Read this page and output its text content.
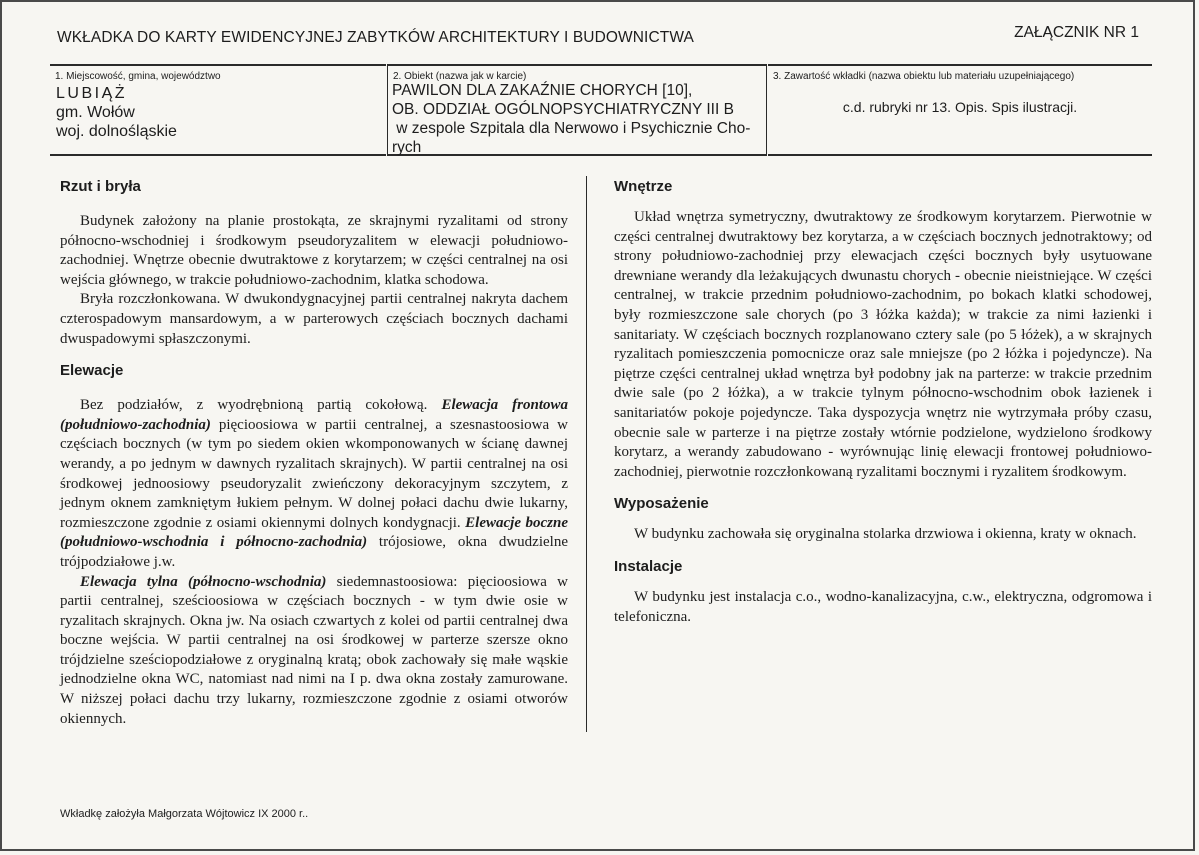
WKŁADKA DO KARTY EWIDENCYJNEJ ZABYTKÓW ARCHITEKTURY I BUDOWNICTWA	ZAŁĄCZNIK NR 1
1. Miejscowość, gmina, województwo
LUBIĄŻ
gm. Wołów
woj. dolnośląskie
2. Obiekt (nazwa jak w karcie)
PAWILON DLA ZAKAŹNIE CHORYCH [10],
OB. ODDZIAŁ OGÓLNOPSYCHIATRYCZNY III B
w zespole Szpitala dla Nerwowo i Psychicznie Cho-
rych
3. Zawartość wkładki (nazwa obiektu lub materiału uzupełniającego)
c.d. rubryki nr 13. Opis. Spis ilustracji.
Rzut i bryła

Budynek założony na planie prostokąta, ze skrajnymi ryzalitami od strony północno-wschodniej i środkowym pseudoryzalitem w elewacji południowo-zachodniej. Wnętrze obecnie dwutraktowe z korytarzem; w części centralnej na osi wejścia głównego, w trakcie południowo-zachodnim, klatka schodowa.

Bryła rozczłonkowana. W dwukondygnacyjnej partii centralnej nakryta dachem czterospadowym mansardowym, a w parterowych częściach bocznych dachami dwuspadowymi spłaszczonymi.

Elewacje

Bez podziałów, z wyodrębnioną partią cokołową. Elewacja frontowa (południowo-zachodnia) pięcioosiowa w partii centralnej, a szesnastoosiowa w częściach bocznych (w tym po siedem okien wkomponowanych w ścianę dawnej werandy, a po jednym w dawnych ryzalitach skrajnych). W partii centralnej na osi środkowej jednoosiowy pseudoryzalit zwieńczony dekoracyjnym szczytem, z jednym oknem zamkniętym łukiem pełnym. W dolnej połaci dachu dwie lukarny, rozmieszczone zgodnie z osiami okiennymi dolnych kondygnacji. Elewacje boczne (południowo-wschodnia i północno-zachodnia) trójosiowe, okna dwudzielne trójpodziałowe j.w.

Elewacja tylna (północno-wschodnia) siedemnastoosiowa: pięcioosiowa w partii centralnej, sześcioosiowa w częściach bocznych - w tym dwie osie w ryzalitach skrajnych. Okna jw. Na osiach czwartych z kolei od partii centralnej dwa boczne wejścia. W partii centralnej na osi środkowej w parterze szersze okno trójdzielne sześciopodziałowe z oryginalną kratą; obok zachowały się małe wąskie jednodzielne okna WC, natomiast nad nimi na I p. dwa okna zostały zamurowane. W niższej połaci dachu trzy lukarny, rozmieszczone zgodnie z osiami otworów okiennych.

Wnętrze

Układ wnętrza symetryczny, dwutraktowy ze środkowym korytarzem. Pierwotnie w części centralnej dwutraktowy bez korytarza, a w częściach bocznych jednotraktowy; od strony południowo-zachodniej przy elewacjach części bocznych były usytuowane drewniane werandy dla leżakujących dwunastu chorych - obecnie nieistniejące. W części centralnej, w trakcie przednim południowo-zachodnim, po bokach klatki schodowej, były rozmieszczone sale chorych (po 3 łóżka każda); w trakcie za nimi łazienki i sanitariaty. W częściach bocznych rozplanowano cztery sale (po 5 łóżek), a w skrajnych ryzalitach pomieszczenia pomocnicze oraz sale mniejsze (po 2 łóżka i pojedyncze). Na piętrze części centralnej układ wnętrza był podobny jak na parterze: w trakcie przednim dwie sale (po 2 łóżka), a w trakcie tylnym północno-wschodnim obok łazienek i sanitariatów pokoje pojedyncze. Taka dyspozycja wnętrz nie wytrzymała próby czasu, obecnie sale w parterze i na piętrze zostały wtórnie podzielone, wydzielono środkowy korytarz, a werandy zabudowano - wyrównując linię elewacji frontowej południowo-zachodniej, pierwotnie rozczłonkowaną ryzalitami bocznymi i ryzalitem środkowym.

Wyposażenie

W budynku zachowała się oryginalna stolarka drzwiowa i okienna, kraty w oknach.

Instalacje

W budynku jest instalacja c.o., wodno-kanalizacyjna, c.w., elektryczna, odgromowa i telefoniczna.

Wkładkę założyła Małgorzata Wójtowicz IX 2000 r..
